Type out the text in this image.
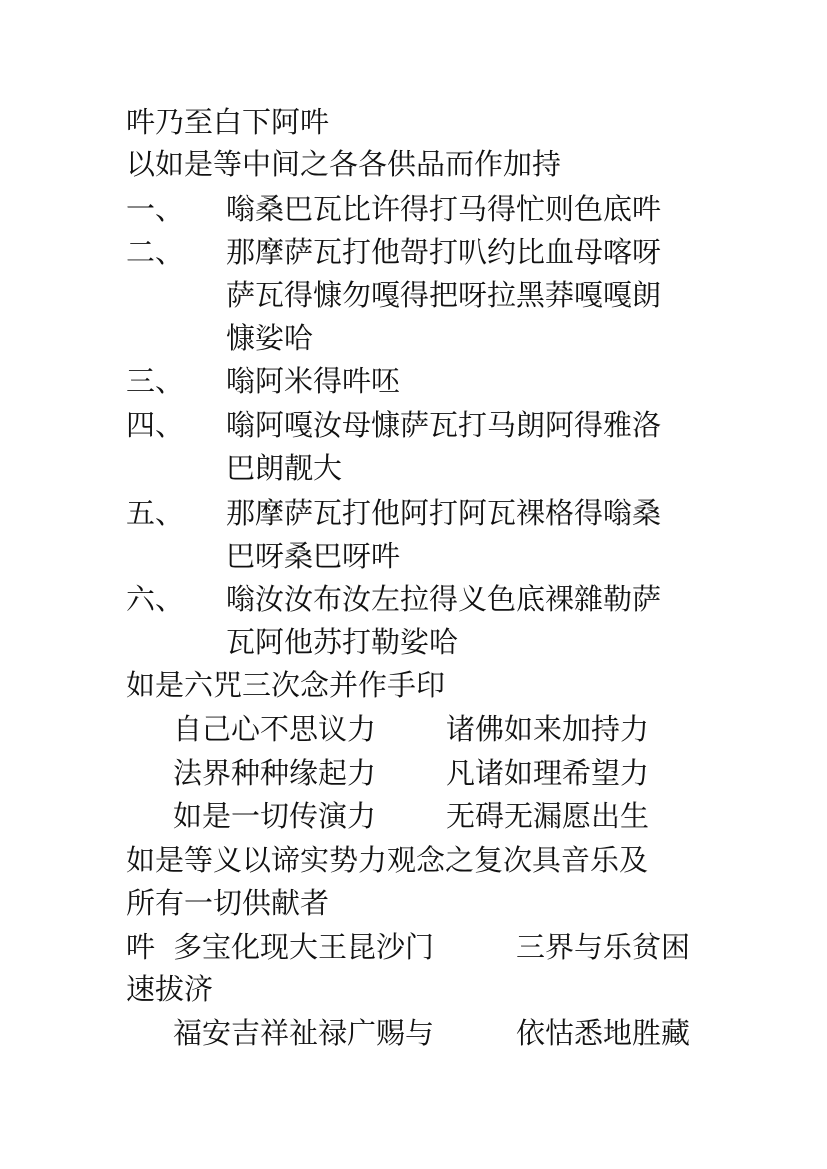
吽乃至白下阿吽
以如是等中间之各各供品而作加持
一、 嗡桑巴瓦比许得打马得忙则色底吽
二、 那摩萨瓦打他哿打叭约比血母喀呀
萨瓦得慷勿嘎得把呀拉黑莽嘎嘎朗
慷娑哈
三、 嗡阿米得吽呸
四、 嗡阿嘎汝母慷萨瓦打马朗阿得雅洛
巴朗靓大
五、 那摩萨瓦打他阿打阿瓦裸格得嗡桑
巴呀桑巴呀吽
六、 嗡汝汝布汝左拉得义色底裸雜勒萨
瓦阿他苏打勒娑哈
如是六咒三次念并作手印
自己心不思议力 诸佛如来加持力
法界种种缘起力 凡诸如理希望力
如是一切传演力 无碍无漏愿出生
如是等义以谛实势力观念之复次具音乐及
所有一切供献者
吽 多宝化现大王昆沙门	三界与乐贫困
速拔济
福安吉祥祉禄广赐与	依怙悉地胜藏
